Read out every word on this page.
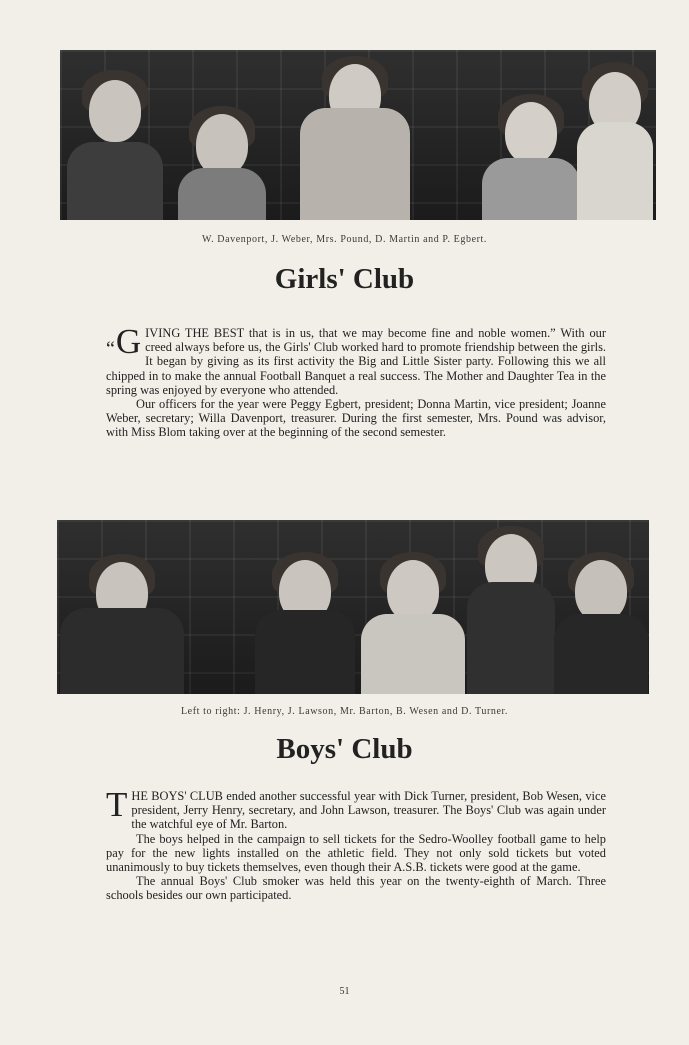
W. Davenport, J. Weber, Mrs. Pound, D. Martin and P. Egbert.
Girls' Club

“G IVING THE BEST that is in us, that we may become fine and noble women.” With our creed always before us, the Girls' Club worked hard to promote friendship between the girls. It began by giving as its first activity the Big and Little Sister party. Following this we all chipped in to make the annual Football Banquet a real success. The Mother and Daughter Tea in the spring was enjoyed by everyone who attended.

Our officers for the year were Peggy Egbert, president; Donna Martin, vice president; Joanne Weber, secretary; Willa Davenport, treasurer. During the first semester, Mrs. Pound was advisor, with Miss Blom taking over at the beginning of the second semester.

Left to right: J. Henry, J. Lawson, Mr. Barton, B. Wesen and D. Turner.
Boys' Club

THE BOYS' CLUB ended another successful year with Dick Turner, president, Bob Wesen, vice president, Jerry Henry, secretary, and John Lawson, treasurer. The Boys' Club was again under the watchful eye of Mr. Barton.

The boys helped in the campaign to sell tickets for the Sedro-Woolley football game to help pay for the new lights installed on the athletic field. They not only sold tickets but voted unanimously to buy tickets themselves, even though their A.S.B. tickets were good at the game.

The annual Boys' Club smoker was held this year on the twenty-eighth of March. Three schools besides our own participated.

51
